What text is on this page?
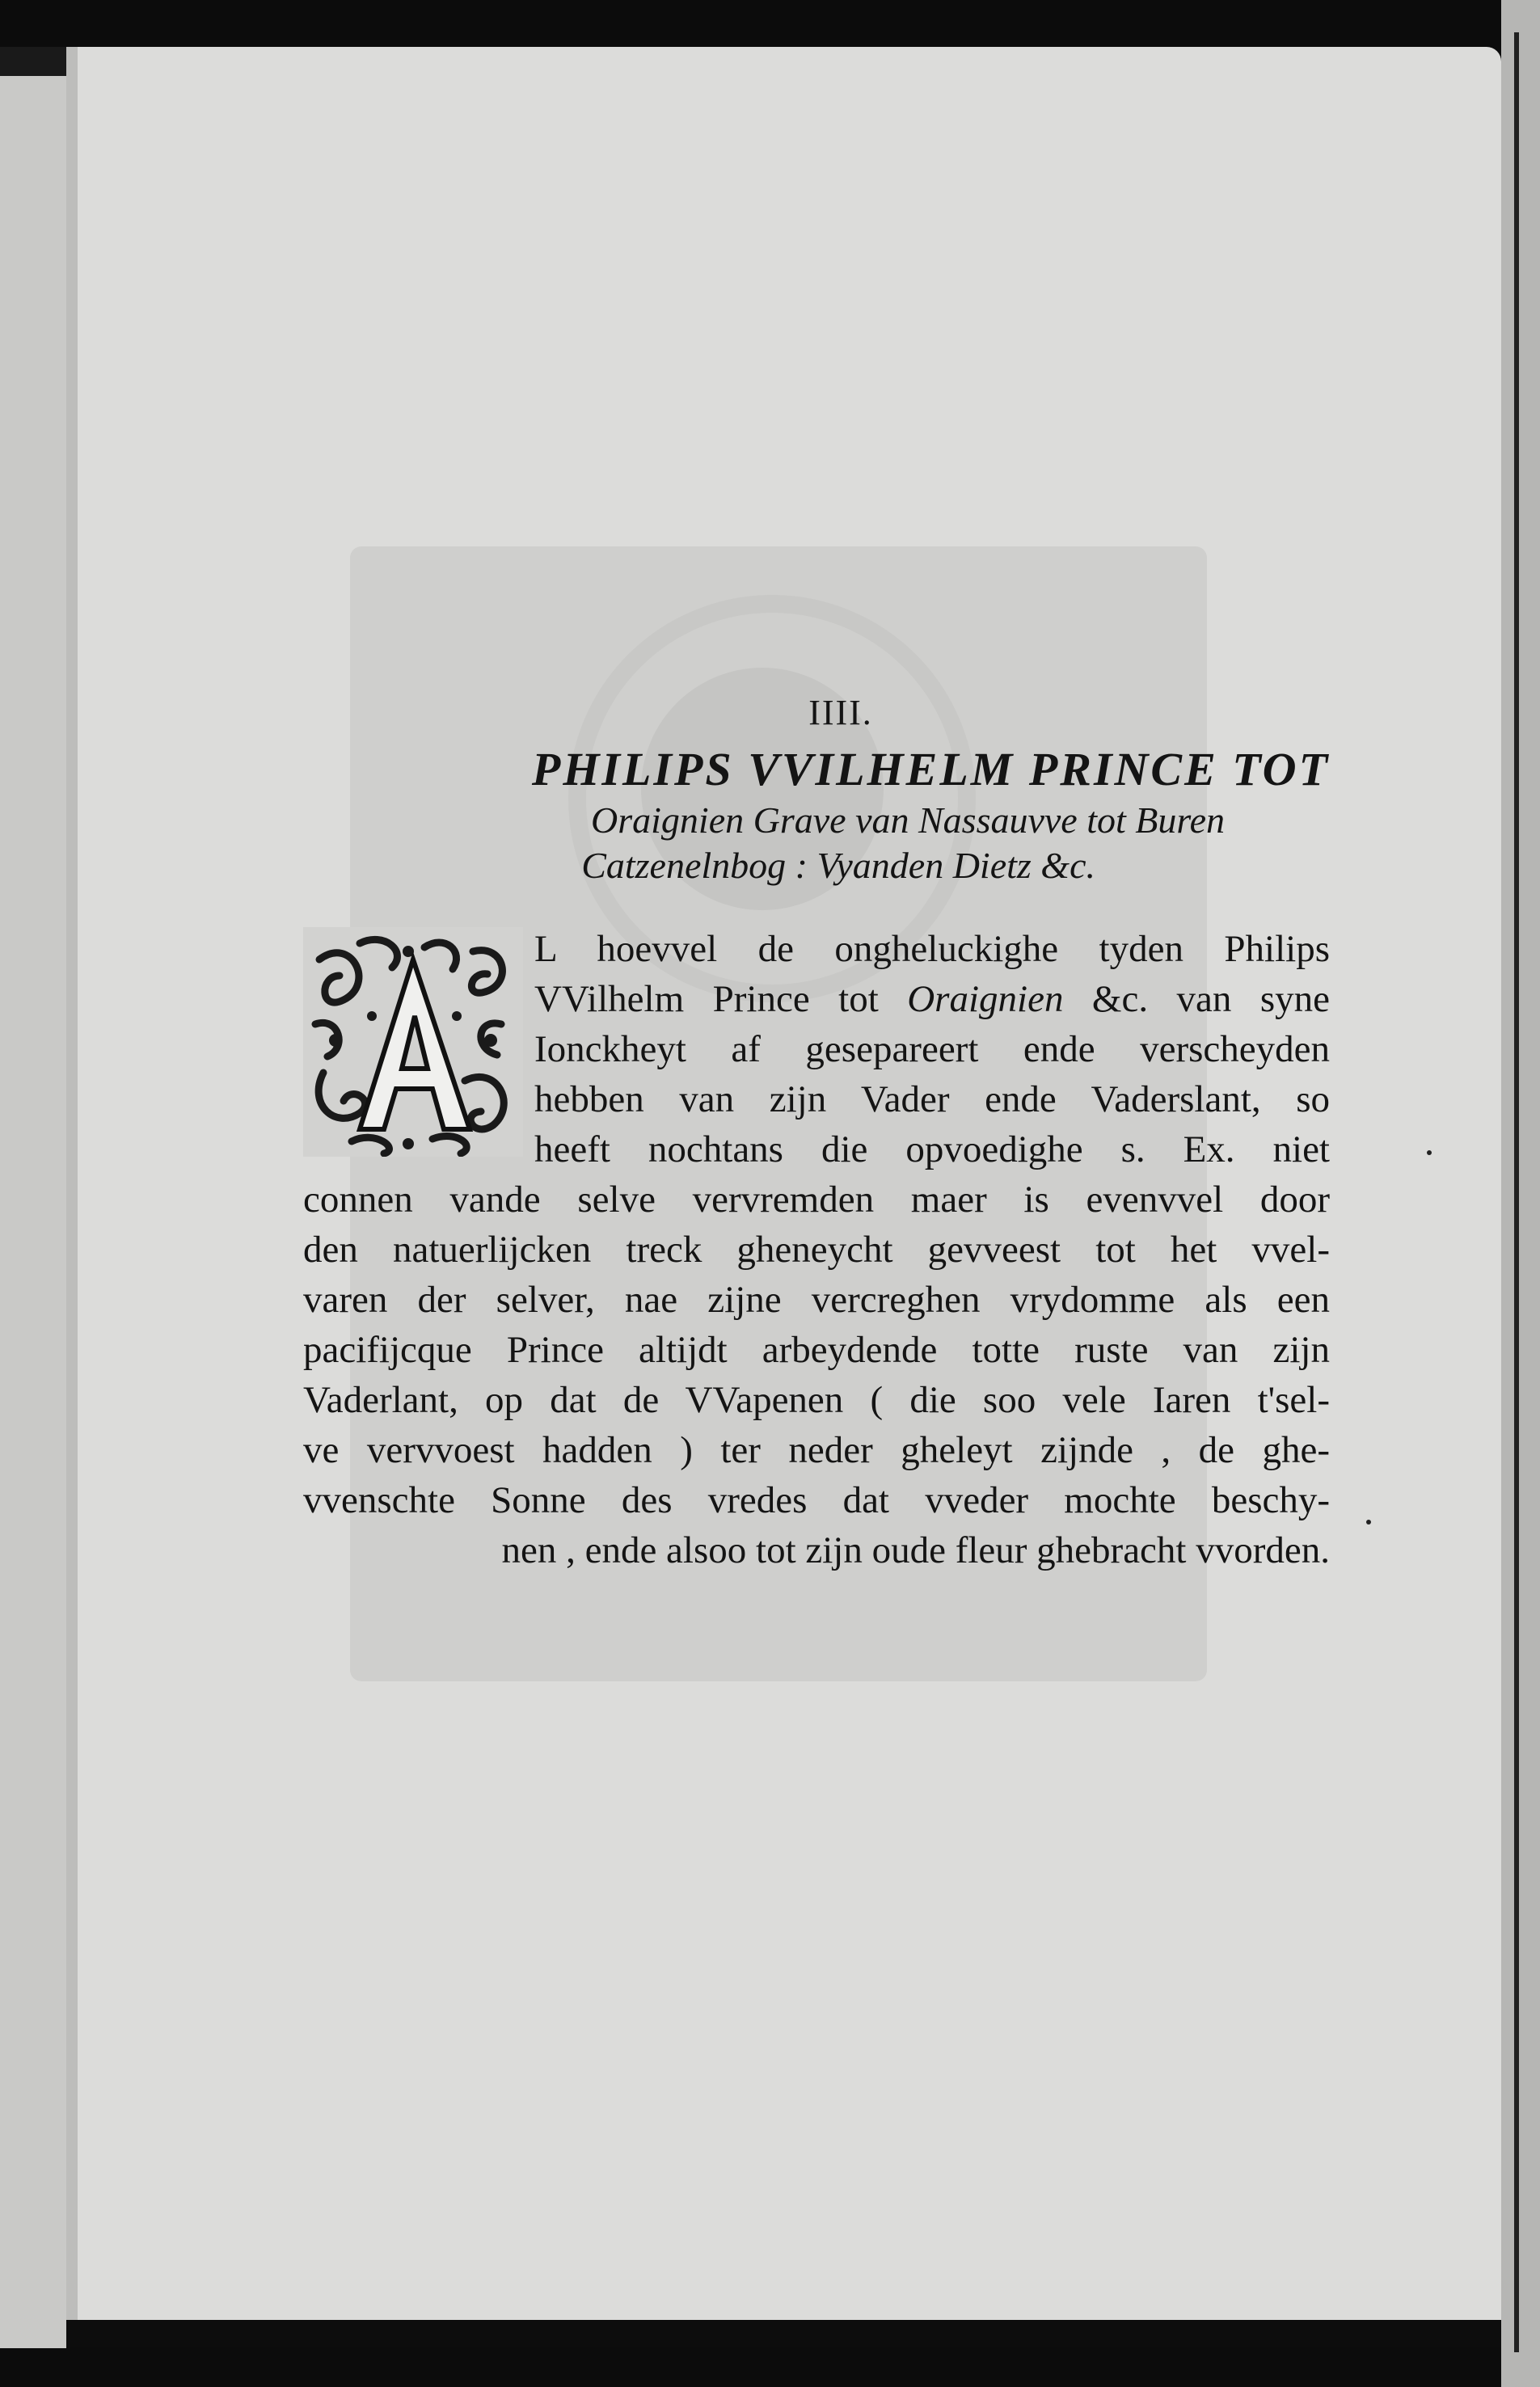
IIII.

PHILIPS VVILHELM PRINCE TOT

Oraignien Grave van Nassauvve tot Buren

Catzenelnbog : Vyanden Dietz &c.

L hoevvel de ongheluckighe tyden Philips
VVilhelm Prince tot Oraignien &c. van syne
Ionckheyt af gesepareert ende verscheyden
hebben van zijn Vader ende Vaderslant, so
heeft nochtans die opvoedighe s. Ex. niet
connen vande selve vervremden maer is evenvvel door
den natuerlijcken treck gheneycht gevveest tot het vvel-
varen der selver, nae zijne vercreghen vrydomme als een
pacifijcque Prince altijdt arbeydende totte ruste van zijn
Vaderlant, op dat de VVapenen ( die soo vele Iaren t'sel-
ve vervvoest hadden ) ter neder gheleyt zijnde , de ghe-
vvenschte Sonne des vredes dat vveder mochte beschy-
nen , ende alsoo tot zijn oude fleur ghebracht vvorden.
